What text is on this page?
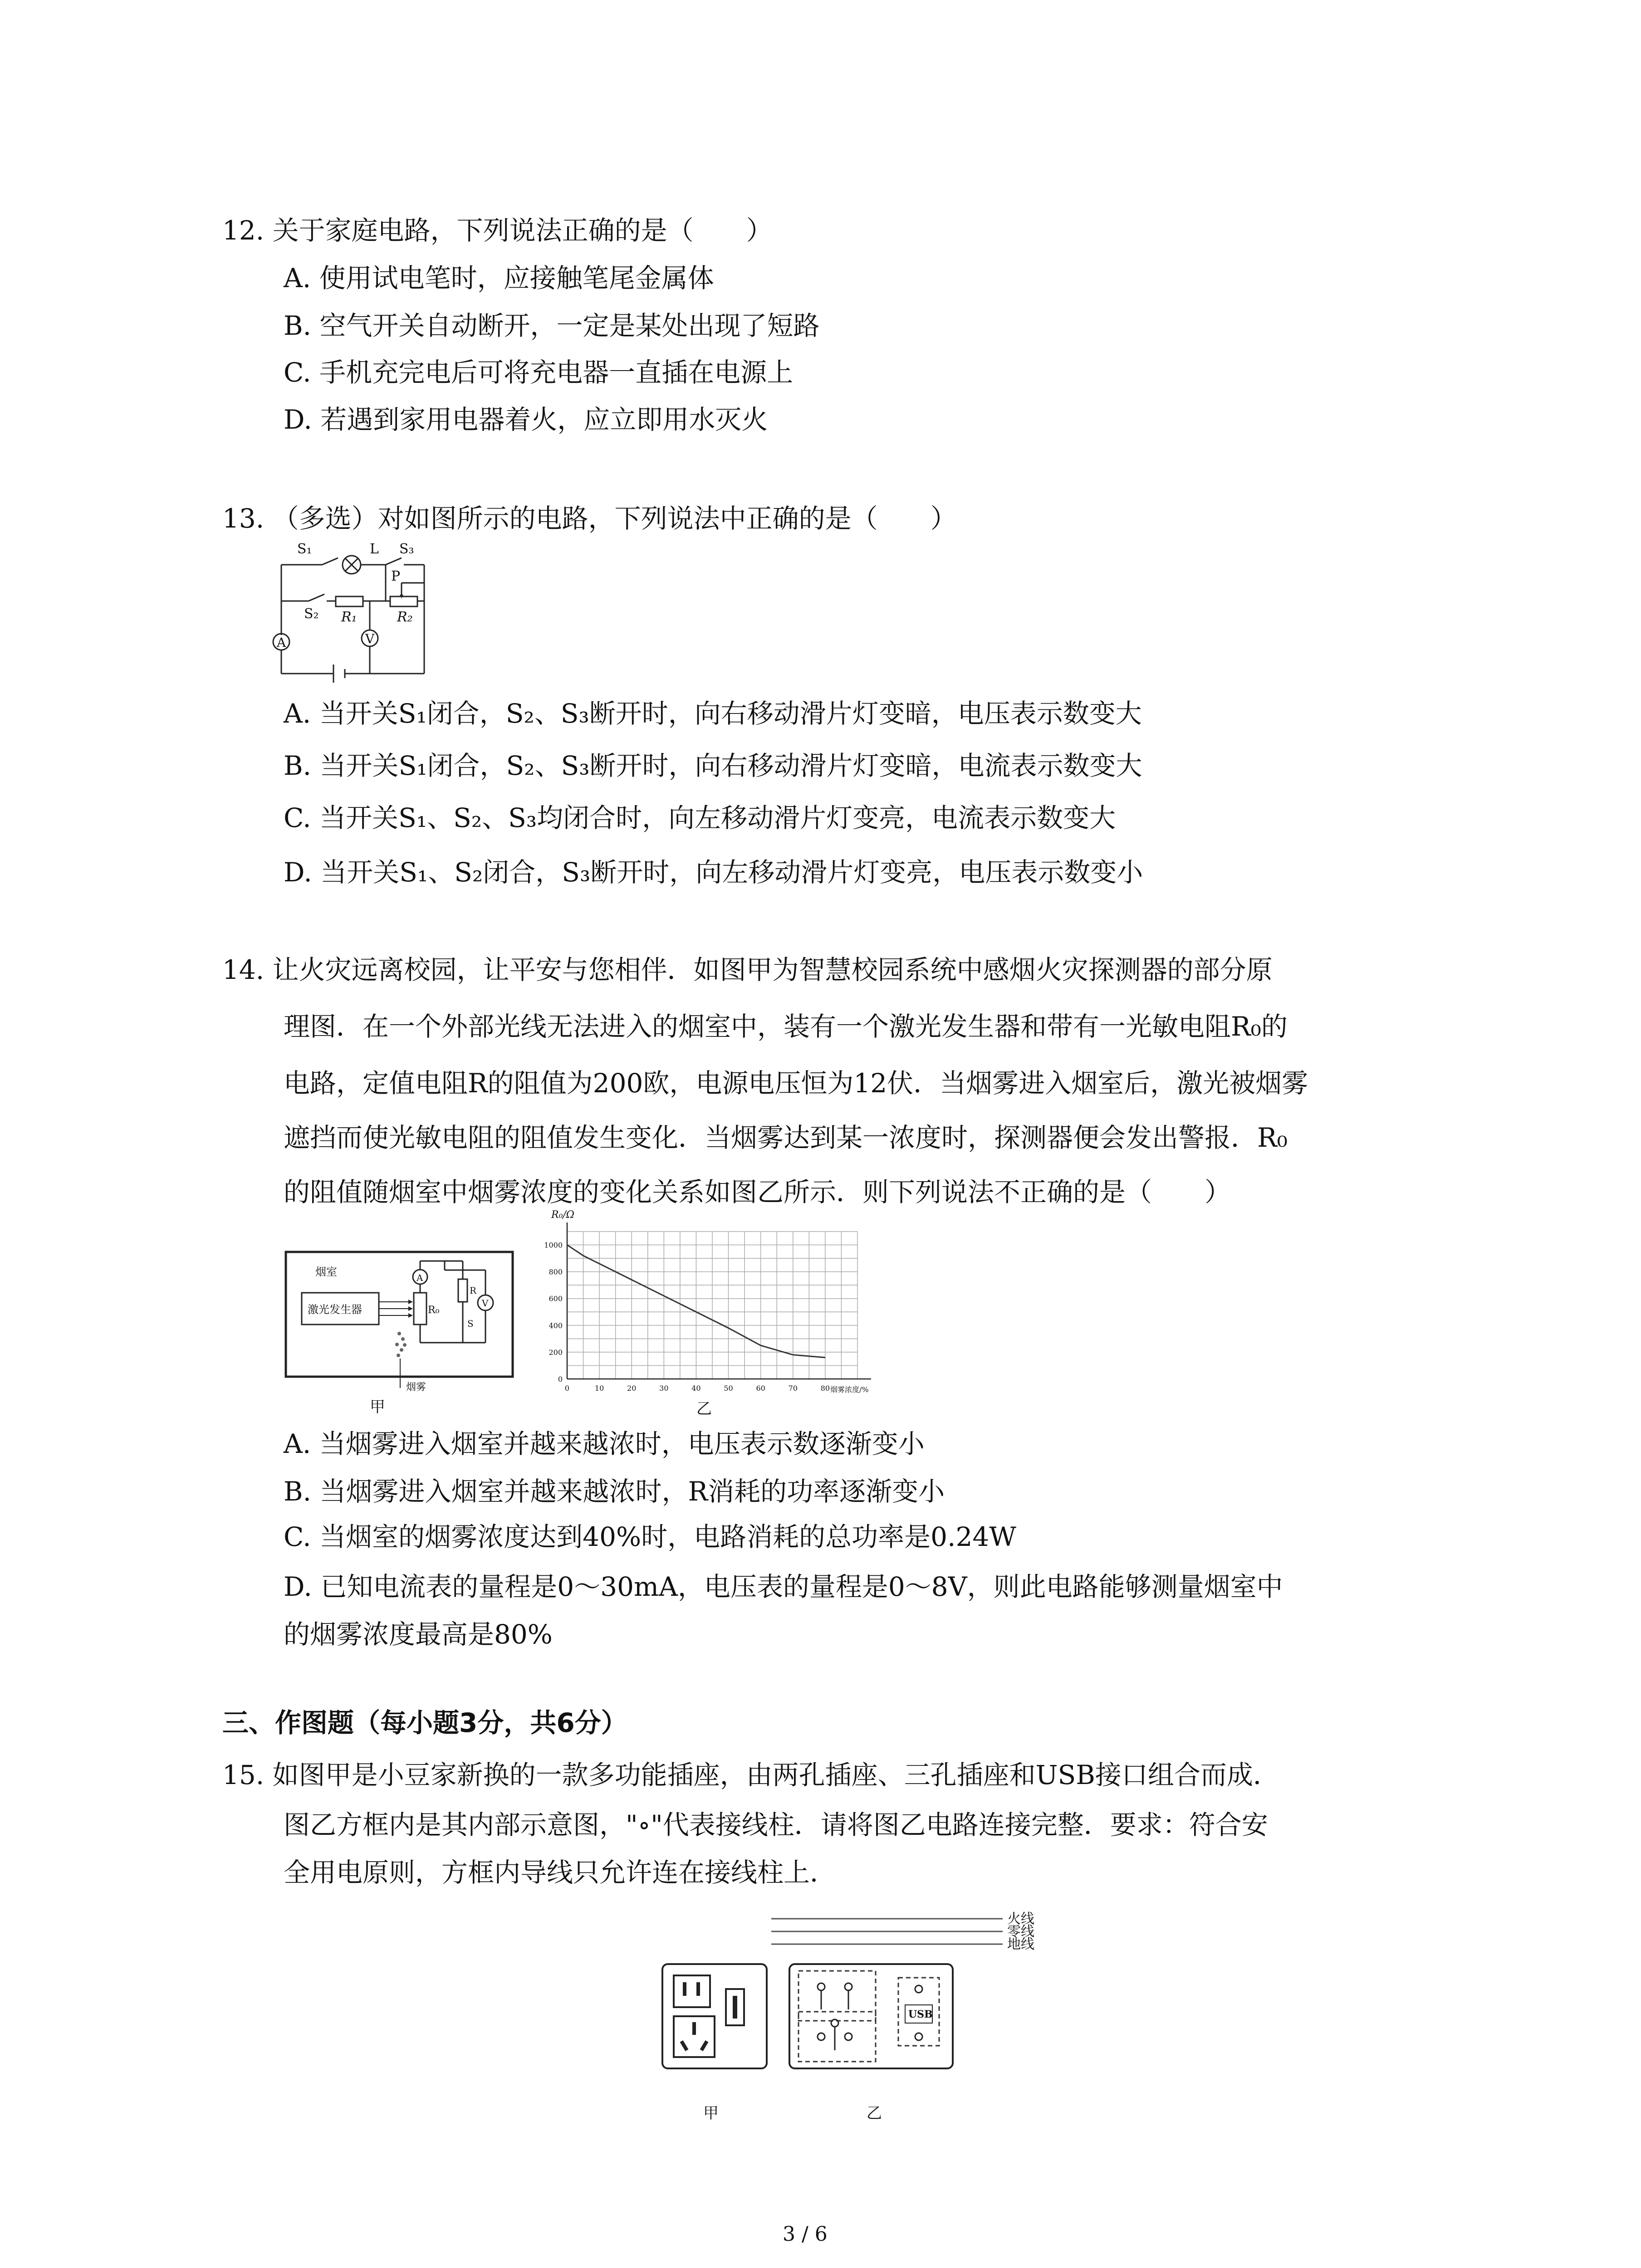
12. 关于家庭电路，下列说法正确的是（　　）
A. 使用试电笔时，应接触笔尾金属体
B. 空气开关自动断开，一定是某处出现了短路
C. 手机充完电后可将充电器一直插在电源上
D. 若遇到家用电器着火，应立即用水灭火
13. （多选）对如图所示的电路，下列说法中正确的是（　　）
S₁	L S₃
S₂
P
R₁	R₂
A	V
A. 当开关S₁闭合，S₂、S₃断开时，向右移动滑片灯变暗，电压表示数变大
B. 当开关S₁闭合，S₂、S₃断开时，向右移动滑片灯变暗，电流表示数变大
C. 当开关S₁、S₂、S₃均闭合时，向左移动滑片灯变亮，电流表示数变大
D. 当开关S₁、S₂闭合，S₃断开时，向左移动滑片灯变亮，电压表示数变小
14. 让火灾远离校园，让平安与您相伴．如图甲为智慧校园系统中感烟火灾探测器的部分原
理图．在一个外部光线无法进入的烟室中，装有一个激光发生器和带有一光敏电阻R₀的
电路，定值电阻R的阻值为200欧，电源电压恒为12伏．当烟雾进入烟室后，激光被烟雾
遮挡而使光敏电阻的阻值发生变化．当烟雾达到某一浓度时，探测器便会发出警报．R₀
的阻值随烟室中烟雾浓度的变化关系如图乙所示．则下列说法不正确的是（　　）
烟室
激光发生器
A
V
R₀
R
S
烟雾
甲
0
200
400
600
800
1000
0	10	20	30	40	50	60	70	80
R₀/Ω
烟雾浓度/%
乙
A. 当烟雾进入烟室并越来越浓时，电压表示数逐渐变小
B. 当烟雾进入烟室并越来越浓时，R消耗的功率逐渐变小
C. 当烟室的烟雾浓度达到40%时，电路消耗的总功率是0.24W
D. 已知电流表的量程是0～30mA，电压表的量程是0～8V，则此电路能够测量烟室中
的烟雾浓度最高是80%
三、作图题（每小题3分，共6分）
15. 如图甲是小豆家新换的一款多功能插座，由两孔插座、三孔插座和USB接口组合而成．
图乙方框内是其内部示意图，"∘"代表接线柱．请将图乙电路连接完整．要求：符合安
全用电原则，方框内导线只允许连在接线柱上．
火线
零线
地线
甲
USB
乙
3 / 6
